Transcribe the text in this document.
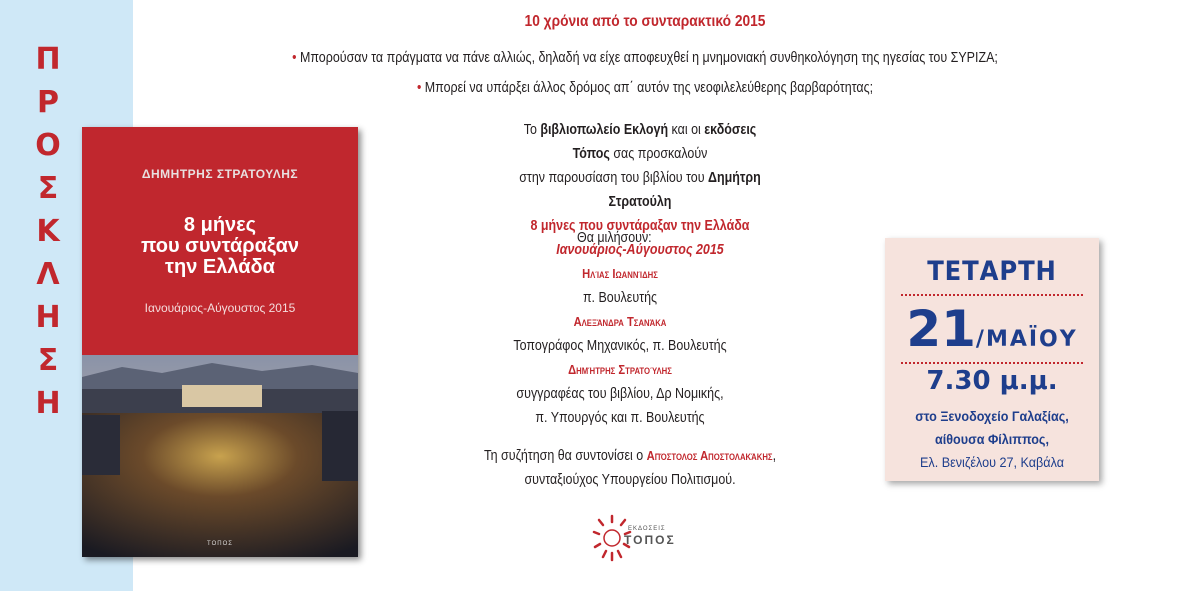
Π
Ρ
Ο
Σ
Κ
Λ
Η
Σ
Η
ΔΗΜΗΤΡΗΣ ΣΤΡΑΤΟΥΛΗΣ
8 μήνες
που συντάραξαν
την Ελλάδα
Ιανουάριος-Αύγουστος 2015
ΤΟΠΟΣ
10 χρόνια από το συνταρακτικό 2015
• Μπορούσαν τα πράγματα να πάνε αλλιώς, δηλαδή να είχε αποφευχθεί η μνημονιακή συνθηκολόγηση της ηγεσίας του ΣΥΡΙΖΑ;
• Μπορεί να υπάρξει άλλος δρόμος απ΄ αυτόν της νεοφιλελεύθερης βαρβαρότητας;
Το βιβλιοπωλείο Εκλογή και οι εκδόσεις Τόπος σας προσκαλούν
στην παρουσίαση του βιβλίου του Δημήτρη Στρατούλη
8 μήνες που συντάραξαν την Ελλάδα
Ιανουάριος-Αύγουστος 2015
Θα μιλήσουν:
Ηλίας Ιωαννίδης
π. Βουλευτής
Αλεξάνδρα Τσανάκα
Τοπογράφος Μηχανικός, π. Βουλευτής
Δημήτρης Στρατούλης
συγγραφέας του βιβλίου, Δρ Νομικής,
π. Υπουργός και π. Βουλευτής
Τη συζήτηση θα συντονίσει ο Απόστολος Αποστολακάκης,
συνταξιούχος Υπουργείου Πολιτισμού.
ΤΕΤΑΡΤΗ
21/ΜΑΪΟΥ
7.30 μ.μ.
στο Ξενοδοχείο Γαλαξίας,
αίθουσα Φίλιππος,
Ελ. Βενιζέλου 27, Καβάλα
ΕΚΔΟΣΕΙΣ
ΤΟΠΟΣ
